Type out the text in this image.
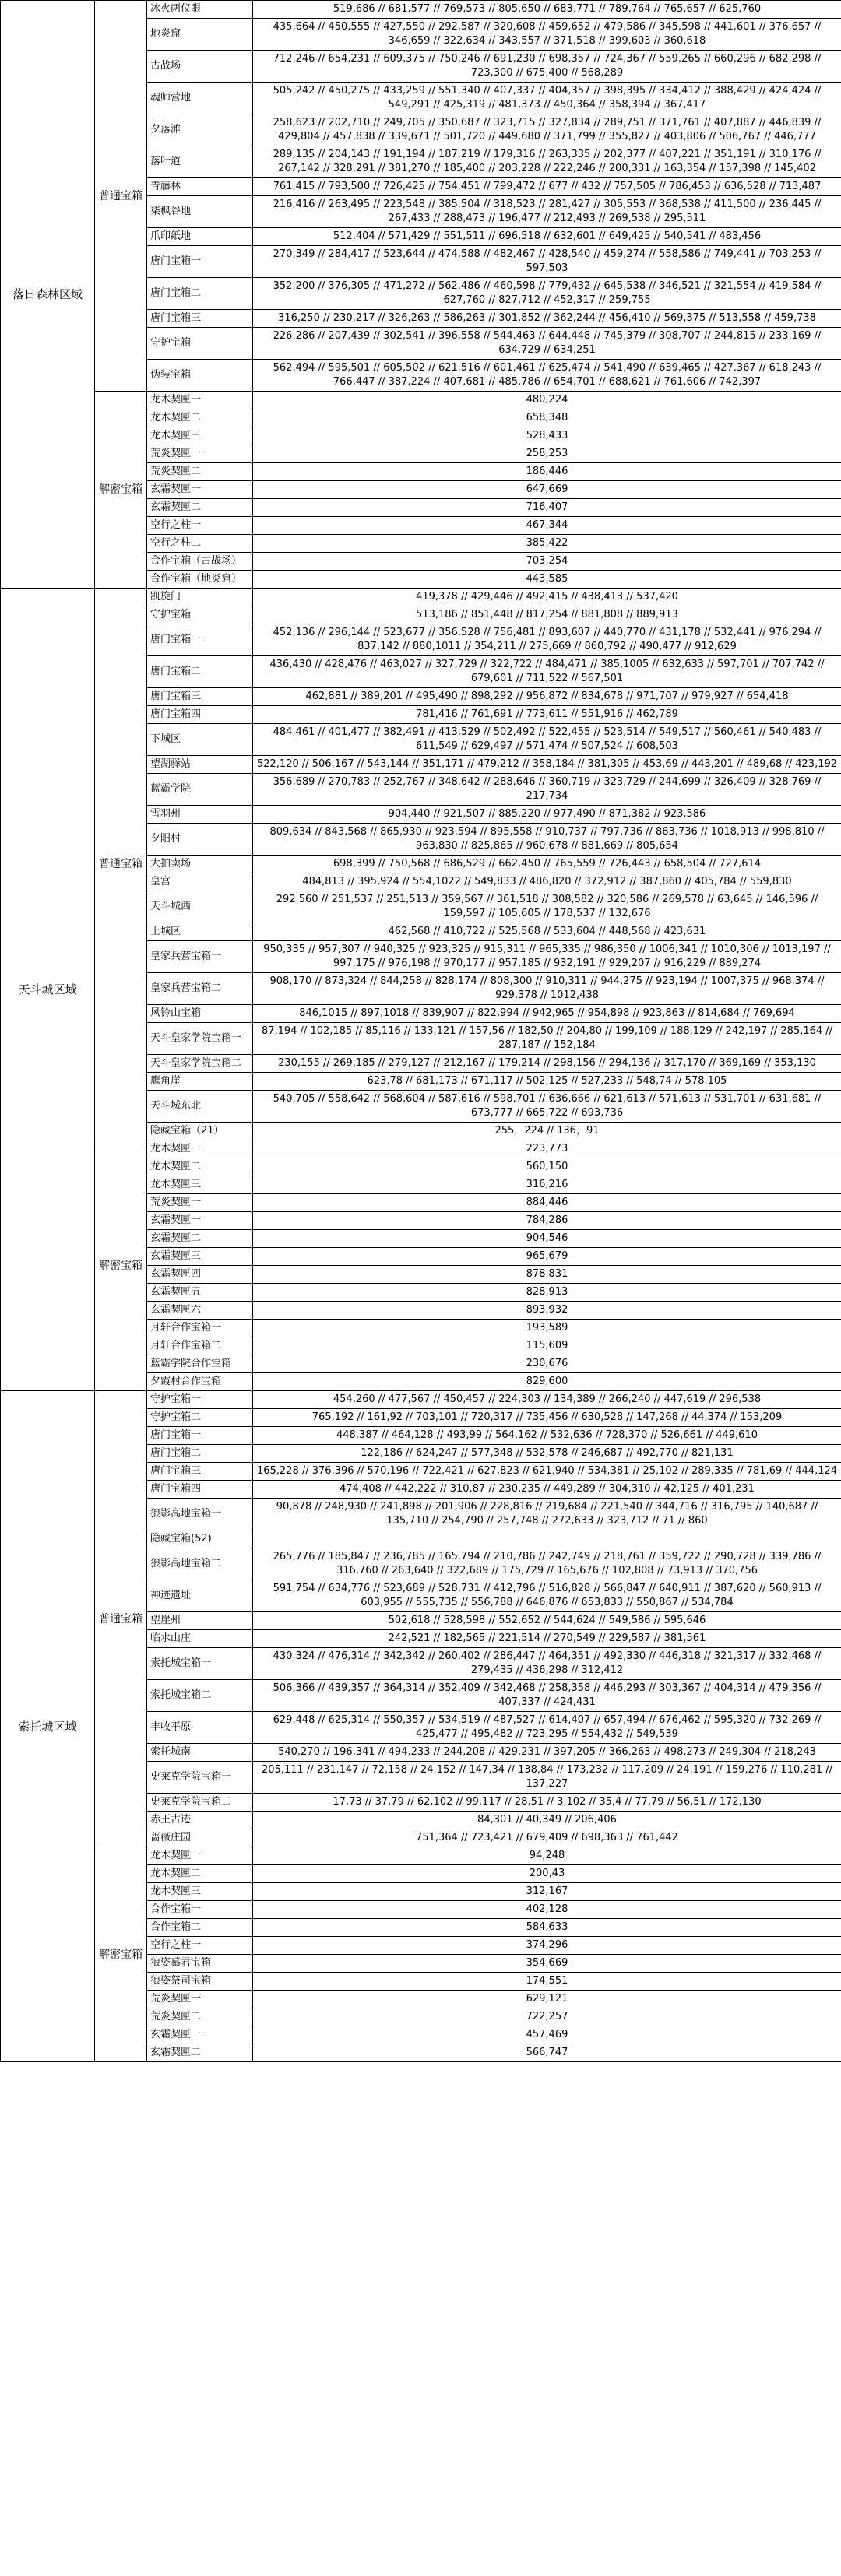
落日森林区域	普通宝箱	冰火两仪眼	519,686 // 681,577 // 769,573 // 805,650 // 683,771 // 789,764 // 765,657 // 625,760
		地炎窟	435,664 // 450,555 // 427,550 // 292,587 // 320,608 // 459,652 // 479,586 // 345,598 // 441,601 // 376,657 // 346,659 // 322,634 // 343,557 // 371,518 // 399,603 // 360,618
		古战场	712,246 // 654,231 // 609,375 // 750,246 // 691,230 // 698,357 // 724,367 // 559,265 // 660,296 // 682,298 // 723,300 // 675,400 // 568,289
		魂师营地	505,242 // 450,275 // 433,259 // 551,340 // 407,337 // 404,357 // 398,395 // 334,412 // 388,429 // 424,424 // 549,291 // 425,319 // 481,373 // 450,364 // 358,394 // 367,417
		夕落滩	258,623 // 202,710 // 249,705 // 350,687 // 323,715 // 327,834 // 289,751 // 371,761 // 407,887 // 446,839 // 429,804 // 457,838 // 339,671 // 501,720 // 449,680 // 371,799 // 355,827 // 403,806 // 506,767 // 446,777
		落叶道	289,135 // 204,143 // 191,194 // 187,219 // 179,316 // 263,335 // 202,377 // 407,221 // 351,191 // 310,176 // 267,142 // 328,291 // 381,270 // 185,400 // 203,228 // 222,246 // 200,331 // 163,354 // 157,398 // 145,402
		青藤林	761,415 // 793,500 // 726,425 // 754,451 // 799,472 // 677 // 432 // 757,505 // 786,453 // 636,528 // 713,487
		柒枫谷地	216,416 // 263,495 // 223,548 // 385,504 // 318,523 // 281,427 // 305,553 // 368,538 // 411,500 // 236,445 // 267,433 // 288,473 // 196,477 // 212,493 // 269,538 // 295,511
		爪印纸地	512,404 // 571,429 // 551,511 // 696,518 // 632,601 // 649,425 // 540,541 // 483,456
		唐门宝箱一	270,349 // 284,417 // 523,644 // 474,588 // 482,467 // 428,540 // 459,274 // 558,586 // 749,441 // 703,253 // 597,503
		唐门宝箱二	352,200 // 376,305 // 471,272 // 562,486 // 460,598 // 779,432 // 645,538 // 346,521 // 321,554 // 419,584 // 627,760 // 827,712 // 452,317 // 259,755
		唐门宝箱三	316,250 // 230,217 // 326,263 // 586,263 // 301,852 // 362,244 // 456,410 // 569,375 // 513,558 // 459,738
		守护宝箱	226,286 // 207,439 // 302,541 // 396,558 // 544,463 // 644,448 // 745,379 // 308,707 // 244,815 // 233,169 // 634,729 // 634,251
		伪装宝箱	562,494 // 595,501 // 605,502 // 621,516 // 601,461 // 625,474 // 541,490 // 639,465 // 427,367 // 618,243 // 766,447 // 387,224 // 407,681 // 485,786 // 654,701 // 688,621 // 761,606 // 742,397
	解密宝箱	龙木契匣一	480,224
		龙木契匣二	658,348
		龙木契匣三	528,433
		荒炎契匣一	258,253
		荒炎契匣二	186,446
		玄霜契匣一	647,669
		玄霜契匣二	716,407
		空行之柱一	467,344
		空行之柱二	385,422
		合作宝箱（古战场）	703,254
		合作宝箱（地炎窟）	443,585
天斗城区域	普通宝箱	凯旋门	419,378 // 429,446 // 492,415 // 438,413 // 537,420
		守护宝箱	513,186 // 851,448 // 817,254 // 881,808 // 889,913
		唐门宝箱一	452,136 // 296,144 // 523,677 // 356,528 // 756,481 // 893,607 // 440,770 // 431,178 // 532,441 // 976,294 // 837,142 // 880,1011 // 354,211 // 275,669 // 860,792 // 490,477 // 912,629
		唐门宝箱二	436,430 // 428,476 // 463,027 // 327,729 // 322,722 // 484,471 // 385,1005 // 632,633 // 597,701 // 707,742 // 679,601 // 711,522 // 567,501
		唐门宝箱三	462,881 // 389,201 // 495,490 // 898,292 // 956,872 // 834,678 // 971,707 // 979,927 // 654,418
		唐门宝箱四	781,416 // 761,691 // 773,611 // 551,916 // 462,789
		下城区	484,461 // 401,477 // 382,491 // 413,529 // 502,492 // 522,455 // 523,514 // 549,517 // 560,461 // 540,483 // 611,549 // 629,497 // 571,474 // 507,524 // 608,503
		望湖驿站	522,120 // 506,167 // 543,144 // 351,171 // 479,212 // 358,184 // 381,305 // 453,69 // 443,201 // 489,68 // 423,192
		蓝霸学院	356,689 // 270,783 // 252,767 // 348,642 // 288,646 // 360,719 // 323,729 // 244,699 // 326,409 // 328,769 // 217,734
		雪羽州	904,440 // 921,507 // 885,220 // 977,490 // 871,382 // 923,586
		夕阳村	809,634 // 843,568 // 865,930 // 923,594 // 895,558 // 910,737 // 797,736 // 863,736 // 1018,913 // 998,810 // 963,830 // 825,865 // 960,678 // 881,669 // 805,654
		大拍卖场	698,399 // 750,568 // 686,529 // 662,450 // 765,559 // 726,443 // 658,504 // 727,614
		皇宫	484,813 // 395,924 // 554,1022 // 549,833 // 486,820 // 372,912 // 387,860 // 405,784 // 559,830
		天斗城西	292,560 // 251,537 // 251,513 // 359,567 // 361,518 // 308,582 // 320,586 // 269,578 // 63,645 // 146,596 // 159,597 // 105,605 // 178,537 // 132,676
		上城区	462,568 // 410,722 // 525,568 // 533,604 // 448,568 // 423,631
		皇家兵营宝箱一	950,335 // 957,307 // 940,325 // 923,325 // 915,311 // 965,335 // 986,350 // 1006,341 // 1010,306 // 1013,197 // 997,175 // 976,198 // 970,177 // 957,185 // 932,191 // 929,207 // 916,229 // 889,274
		皇家兵营宝箱二	908,170 // 873,324 // 844,258 // 828,174 // 808,300 // 910,311 // 944,275 // 923,194 // 1007,375 // 968,374 // 929,378 // 1012,438
		风铃山宝箱	846,1015 // 897,1018 // 839,907 // 822,994 // 942,965 // 954,898 // 923,863 // 814,684 // 769,694
		天斗皇家学院宝箱一	87,194 // 102,185 // 85,116 // 133,121 // 157,56 // 182,50 // 204,80 // 199,109 // 188,129 // 242,197 // 285,164 // 287,187 // 152,184
		天斗皇家学院宝箱二	230,155 // 269,185 // 279,127 // 212,167 // 179,214 // 298,156 // 294,136 // 317,170 // 369,169 // 353,130
		鹰角崖	623,78 // 681,173 // 671,117 // 502,125 // 527,233 // 548,74 // 578,105
		天斗城东北	540,705 // 558,642 // 568,604 // 587,616 // 598,701 // 636,666 // 621,613 // 571,613 // 531,701 // 631,681 // 673,777 // 665,722 // 693,736
		隐藏宝箱（21）	255，224 // 136，91
	解密宝箱	龙木契匣一	223,773
		龙木契匣二	560,150
		龙木契匣三	316,216
		荒炎契匣一	884,446
		玄霜契匣一	784,286
		玄霜契匣二	904,546
		玄霜契匣三	965,679
		玄霜契匣四	878,831
		玄霜契匣五	828,913
		玄霜契匣六	893,932
		月轩合作宝箱一	193,589
		月轩合作宝箱二	115,609
		蓝霸学院合作宝箱	230,676
		夕霞村合作宝箱	829,600
索托城区域	普通宝箱	守护宝箱一	454,260 // 477,567 // 450,457 // 224,303 // 134,389 // 266,240 // 447,619 // 296,538
		守护宝箱二	765,192 // 161,92 // 703,101 // 720,317 // 735,456 // 630,528 // 147,268 // 44,374 // 153,209
		唐门宝箱一	448,387 // 464,128 // 493,99 // 564,162 // 532,636 // 728,370 // 526,661 // 449,610
		唐门宝箱二	122,186 // 624,247 // 577,348 // 532,578 // 246,687 // 492,770 // 821,131
		唐门宝箱三	165,228 // 376,396 // 570,196 // 722,421 // 627,823 // 621,940 // 534,381 // 25,102 // 289,335 // 781,69 // 444,124
		唐门宝箱四	474,408 // 442,222 // 310,87 // 230,235 // 449,289 // 304,310 // 42,125 // 401,231
		狼影高地宝箱一	90,878 // 248,930 // 241,898 // 201,906 // 228,816 // 219,684 // 221,540 // 344,716 // 316,795 // 140,687 // 135,710 // 254,790 // 257,748 // 272,633 // 323,712 // 71 // 860
		隐藏宝箱(52)	
		狼影高地宝箱二	265,776 // 185,847 // 236,785 // 165,794 // 210,786 // 242,749 // 218,761 // 359,722 // 290,728 // 339,786 // 316,760 // 263,640 // 322,689 // 175,729 // 165,676 // 102,808 // 73,913 // 370,756
		神迹遗址	591,754 // 634,776 // 523,689 // 528,731 // 412,796 // 516,828 // 566,847 // 640,911 // 387,620 // 560,913 // 603,955 // 555,735 // 556,788 // 646,876 // 653,833 // 550,867 // 534,784
		望崖州	502,618 // 528,598 // 552,652 // 544,624 // 549,586 // 595,646
		临水山庄	242,521 // 182,565 // 221,514 // 270,549 // 229,587 // 381,561
		索托城宝箱一	430,324 // 476,314 // 342,342 // 260,402 // 286,447 // 464,351 // 492,330 // 446,318 // 321,317 // 332,468 // 279,435 // 436,298 // 312,412
		索托城宝箱二	506,366 // 439,357 // 364,314 // 352,409 // 342,468 // 258,358 // 446,293 // 303,367 // 404,314 // 479,356 // 407,337 // 424,431
		丰收平原	629,448 // 625,314 // 550,357 // 534,519 // 487,527 // 614,407 // 657,494 // 676,462 // 595,320 // 732,269 // 425,477 // 495,482 // 723,295 // 554,432 // 549,539
		索托城南	540,270 // 196,341 // 494,233 // 244,208 // 429,231 // 397,205 // 366,263 // 498,273 // 249,304 // 218,243
		史莱克学院宝箱一	205,111 // 231,147 // 72,158 // 24,152 // 147,34 // 138,84 // 173,232 // 117,209 // 24,191 // 159,276 // 110,281 // 137,227
		史莱克学院宝箱二	17,73 // 37,79 // 62,102 // 99,117 // 28,51 // 3,102 // 35,4 // 77,79 // 56,51 // 172,130
		赤王古迹	84,301 // 40,349 // 206,406
		蔷薇庄园	751,364 // 723,421 // 679,409 // 698,363 // 761,442
	解密宝箱	龙木契匣一	94,248
		龙木契匣二	200,43
		龙木契匣三	312,167
		合作宝箱一	402,128
		合作宝箱二	584,633
		空行之柱一	374,296
		狼姿慕君宝箱	354,669
		狼姿祭司宝箱	174,551
		荒炎契匣一	629,121
		荒炎契匣二	722,257
		玄霜契匣一	457,469
		玄霜契匣二	566,747
